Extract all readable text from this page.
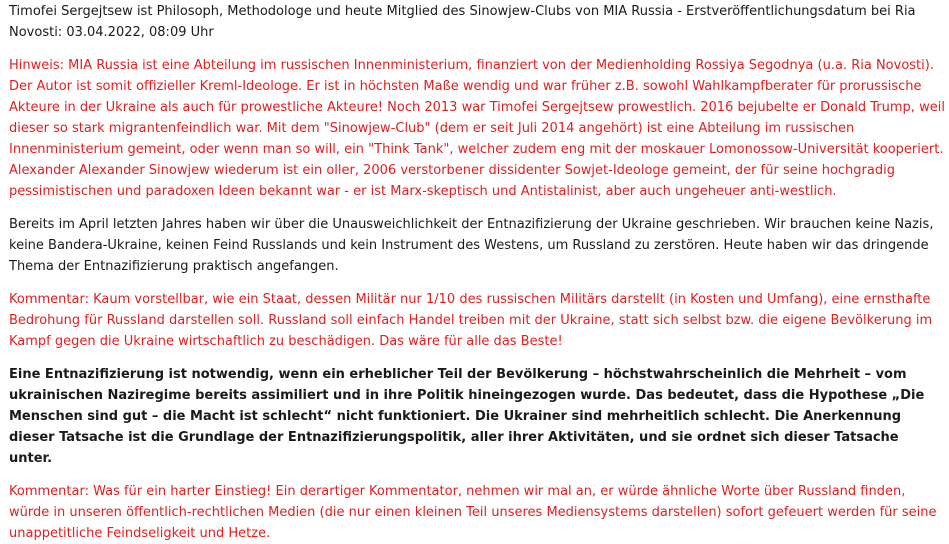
Timofei Sergejtsew ist Philosoph, Methodologe und heute Mitglied des Sinowjew-Clubs von MIA Russia - Erstveröffentlichungsdatum bei Ria Novosti: 03.04.2022, 08:09 Uhr

Hinweis: MIA Russia ist eine Abteilung im russischen Innenministerium, finanziert von der Medienholding Rossiya Segodnya (u.a. Ria Novosti). Der Autor ist somit offizieller Kreml-Ideologe. Er ist in höchsten Maße wendig und war früher z.B. sowohl Wahlkampfberater für prorussische Akteure in der Ukraine als auch für prowestliche Akteure! Noch 2013 war Timofei Sergejtsew prowestlich. 2016 bejubelte er Donald Trump, weil dieser so stark migrantenfeindlich war. Mit dem "Sinowjew-Club" (dem er seit Juli 2014 angehört) ist eine Abteilung im russischen Innenministerium gemeint, oder wenn man so will, ein "Think Tank", welcher zudem eng mit der moskauer Lomonossow-Universität kooperiert. Alexander Alexander Sinowjew wiederum ist ein oller, 2006 verstorbener dissidenter Sowjet-Ideologe gemeint, der für seine hochgradig pessimistischen und paradoxen Ideen bekannt war - er ist Marx-skeptisch und Antistalinist, aber auch ungeheuer anti-westlich.

Bereits im April letzten Jahres haben wir über die Unausweichlichkeit der Entnazifizierung der Ukraine geschrieben. Wir brauchen keine Nazis, keine Bandera-Ukraine, keinen Feind Russlands und kein Instrument des Westens, um Russland zu zerstören. Heute haben wir das dringende Thema der Entnazifizierung praktisch angefangen.

Kommentar: Kaum vorstellbar, wie ein Staat, dessen Militär nur 1/10 des russischen Militärs darstellt (in Kosten und Umfang), eine ernsthafte Bedrohung für Russland darstellen soll. Russland soll einfach Handel treiben mit der Ukraine, statt sich selbst bzw. die eigene Bevölkerung im Kampf gegen die Ukraine wirtschaftlich zu beschädigen. Das wäre für alle das Beste!

Eine Entnazifizierung ist notwendig, wenn ein erheblicher Teil der Bevölkerung – höchstwahrscheinlich die Mehrheit – vom ukrainischen Naziregime bereits assimiliert und in ihre Politik hineingezogen wurde. Das bedeutet, dass die Hypothese „Die Menschen sind gut – die Macht ist schlecht“ nicht funktioniert. Die Ukrainer sind mehrheitlich schlecht. Die Anerkennung dieser Tatsache ist die Grundlage der Entnazifizierungspolitik, aller ihrer Aktivitäten, und sie ordnet sich dieser Tatsache unter.

Kommentar: Was für ein harter Einstieg! Ein derartiger Kommentator, nehmen wir mal an, er würde ähnliche Worte über Russland finden, würde in unseren öffentlich-rechtlichen Medien (die nur einen kleinen Teil unseres Mediensystems darstellen) sofort gefeuert werden für seine unappetitliche Feindseligkeit und Hetze.
